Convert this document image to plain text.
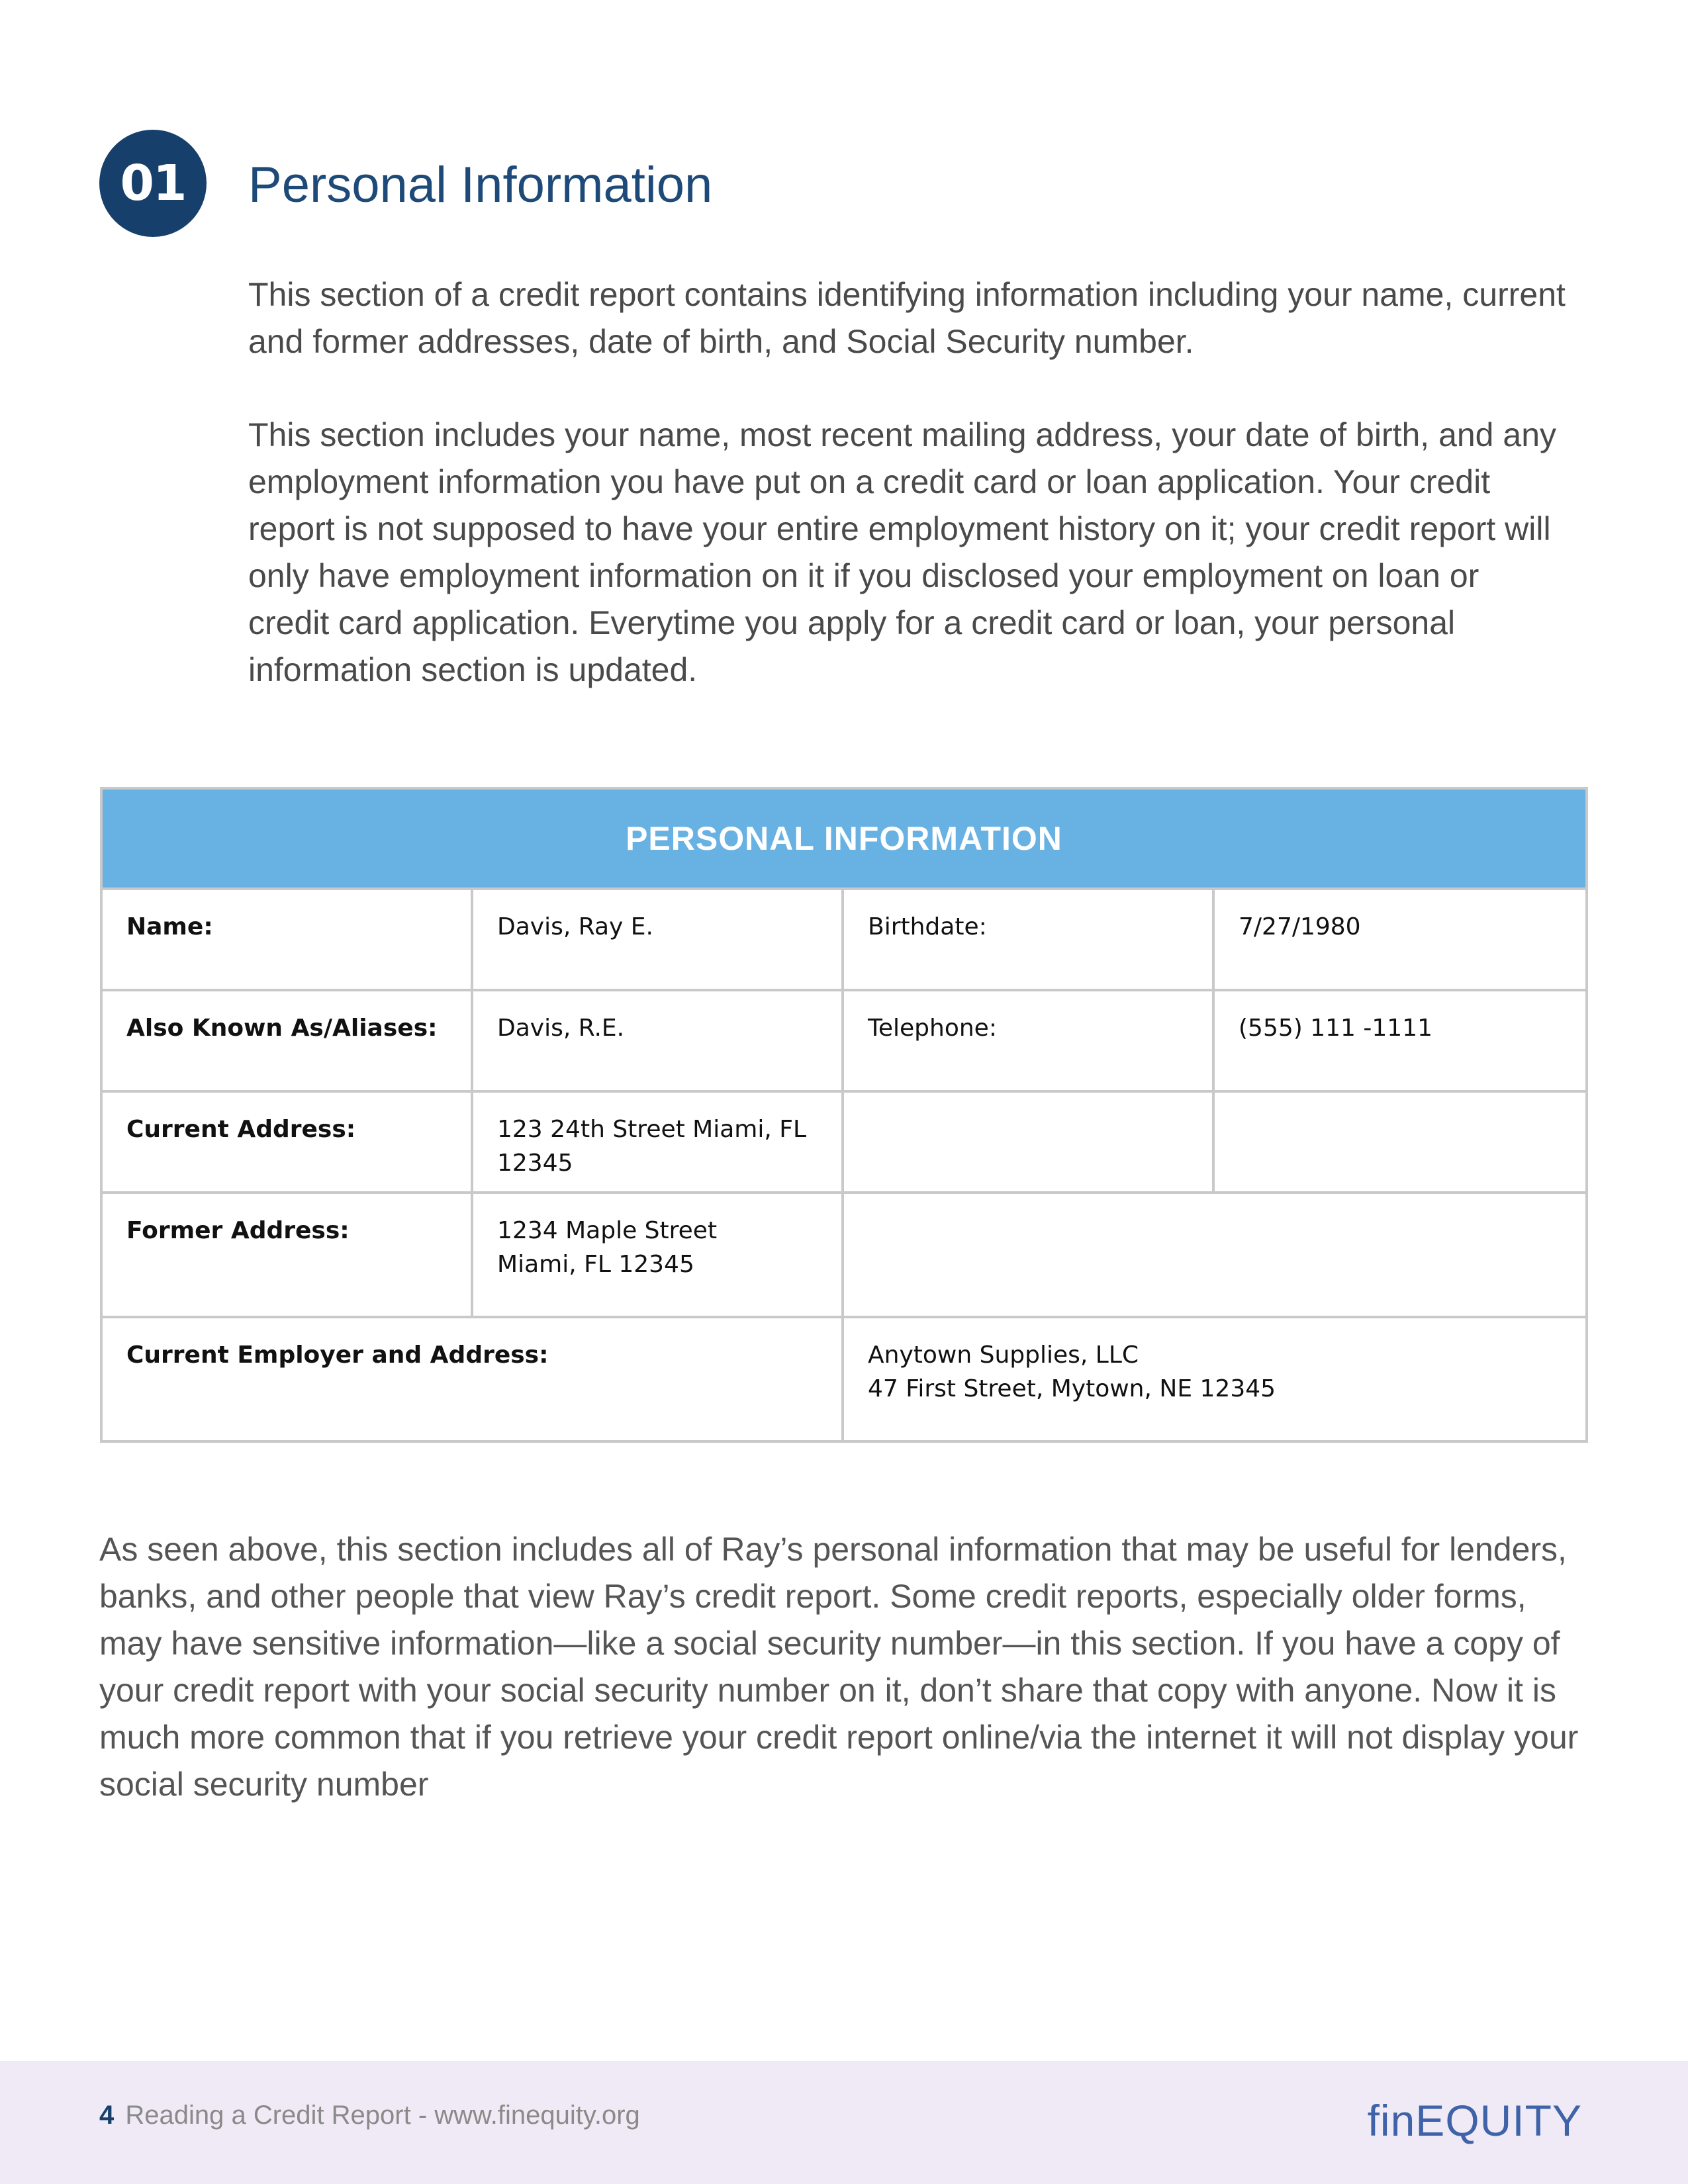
01	Personal Information

This section of a credit report contains identifying information including your name, current and former addresses, date of birth, and Social Security number.

This section includes your name, most recent mailing address, your date of birth, and any employment information you have put on a credit card or loan application. Your credit report is not supposed to have your entire employment history on it; your credit report will only have employment information on it if you disclosed your employment on loan or credit card application. Everytime you apply for a credit card or loan, your personal information section is updated.

PERSONAL INFORMATION
Name:	Davis, Ray E.	Birthdate:	7/27/1980
Also Known As/Aliases:	Davis, R.E.	Telephone:	(555) 111 -1111
Current Address:	123 24th Street Miami, FL
12345
Former Address:	1234 Maple Street
Miami, FL 12345
Current Employer and Address:	Anytown Supplies, LLC
47 First Street, Mytown, NE 12345

As seen above, this section includes all of Ray’s personal information that may be useful for lenders, banks, and other people that view Ray’s credit report. Some credit reports, especially older forms, may have sensitive information—like a social security number—in this section. If you have a copy of your credit report with your social security number on it, don’t share that copy with anyone. Now it is much more common that if you retrieve your credit report online/via the internet it will not display your social security number

4 Reading a Credit Report - www.finequity.org	finEQUITY
